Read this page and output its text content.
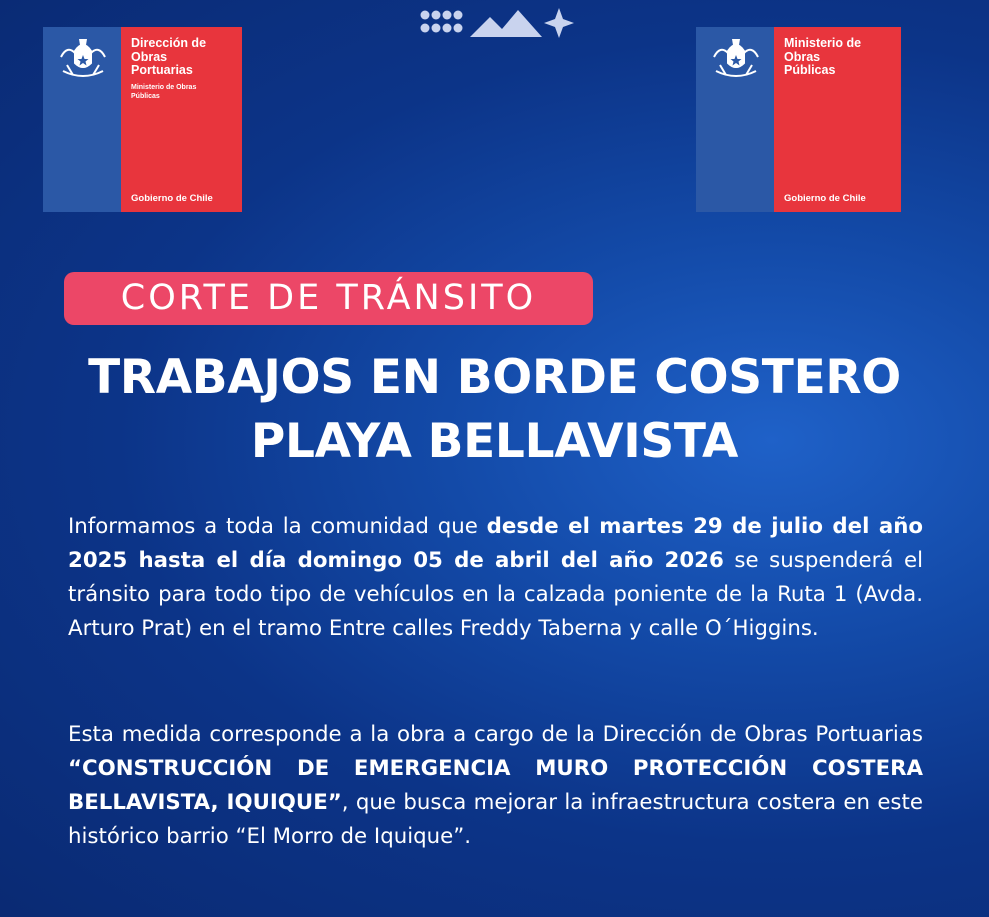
Dirección de
Obras
Portuarias
Ministerio de Obras
Públicas
Gobierno de Chile
Ministerio de
Obras
Públicas
Gobierno de Chile
CORTE DE TRÁNSITO
TRABAJOS EN BORDE COSTERO
PLAYA BELLAVISTA
Informamos a toda la comunidad que desde el martes 29 de julio del año 2025 hasta el día domingo 05 de abril del año 2026 se suspenderá el tránsito para todo tipo de vehículos en la calzada poniente de la Ruta 1 (Avda. Arturo Prat) en el tramo Entre calles Freddy Taberna y calle O´Higgins.
Esta medida corresponde a la obra a cargo de la Dirección de Obras Portuarias “CONSTRUCCIÓN DE EMERGENCIA MURO PROTECCIÓN COSTERA BELLAVISTA, IQUIQUE”, que busca mejorar la infraestructura costera en este histórico barrio “El Morro de Iquique”.
